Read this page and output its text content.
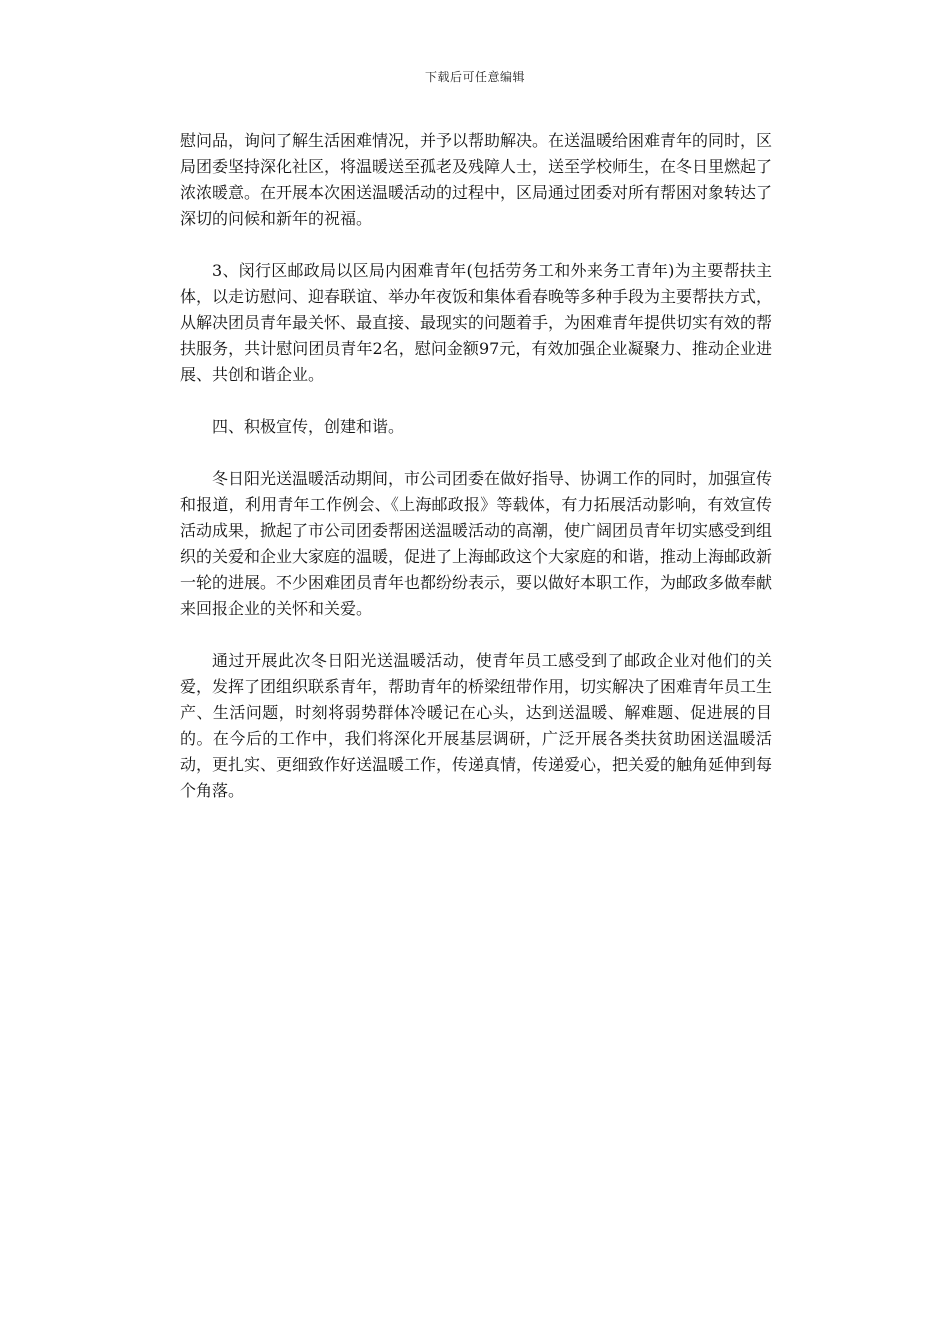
下载后可任意编辑

慰问品，询问了解生活困难情况，并予以帮助解决。在送温暖给困难青年的同时，区局团委坚持深化社区，将温暖送至孤老及残障人士，送至学校师生，在冬日里燃起了浓浓暖意。在开展本次困送温暖活动的过程中，区局通过团委对所有帮困对象转达了深切的问候和新年的祝福。

3、闵行区邮政局以区局内困难青年(包括劳务工和外来务工青年)为主要帮扶主体，以走访慰问、迎春联谊、举办年夜饭和集体看春晚等多种手段为主要帮扶方式，从解决团员青年最关怀、最直接、最现实的问题着手，为困难青年提供切实有效的帮扶服务，共计慰问团员青年2名，慰问金额97元，有效加强企业凝聚力、推动企业进展、共创和谐企业。

四、积极宣传，创建和谐。

冬日阳光送温暖活动期间，市公司团委在做好指导、协调工作的同时，加强宣传和报道，利用青年工作例会、《上海邮政报》等载体，有力拓展活动影响，有效宣传活动成果，掀起了市公司团委帮困送温暖活动的高潮，使广阔团员青年切实感受到组织的关爱和企业大家庭的温暖，促进了上海邮政这个大家庭的和谐，推动上海邮政新一轮的进展。不少困难团员青年也都纷纷表示，要以做好本职工作，为邮政多做奉献来回报企业的关怀和关爱。

通过开展此次冬日阳光送温暖活动，使青年员工感受到了邮政企业对他们的关爱，发挥了团组织联系青年，帮助青年的桥梁纽带作用，切实解决了困难青年员工生产、生活问题，时刻将弱势群体冷暖记在心头，达到送温暖、解难题、促进展的目的。在今后的工作中，我们将深化开展基层调研，广泛开展各类扶贫助困送温暖活动，更扎实、更细致作好送温暖工作，传递真情，传递爱心，把关爱的触角延伸到每个角落。
